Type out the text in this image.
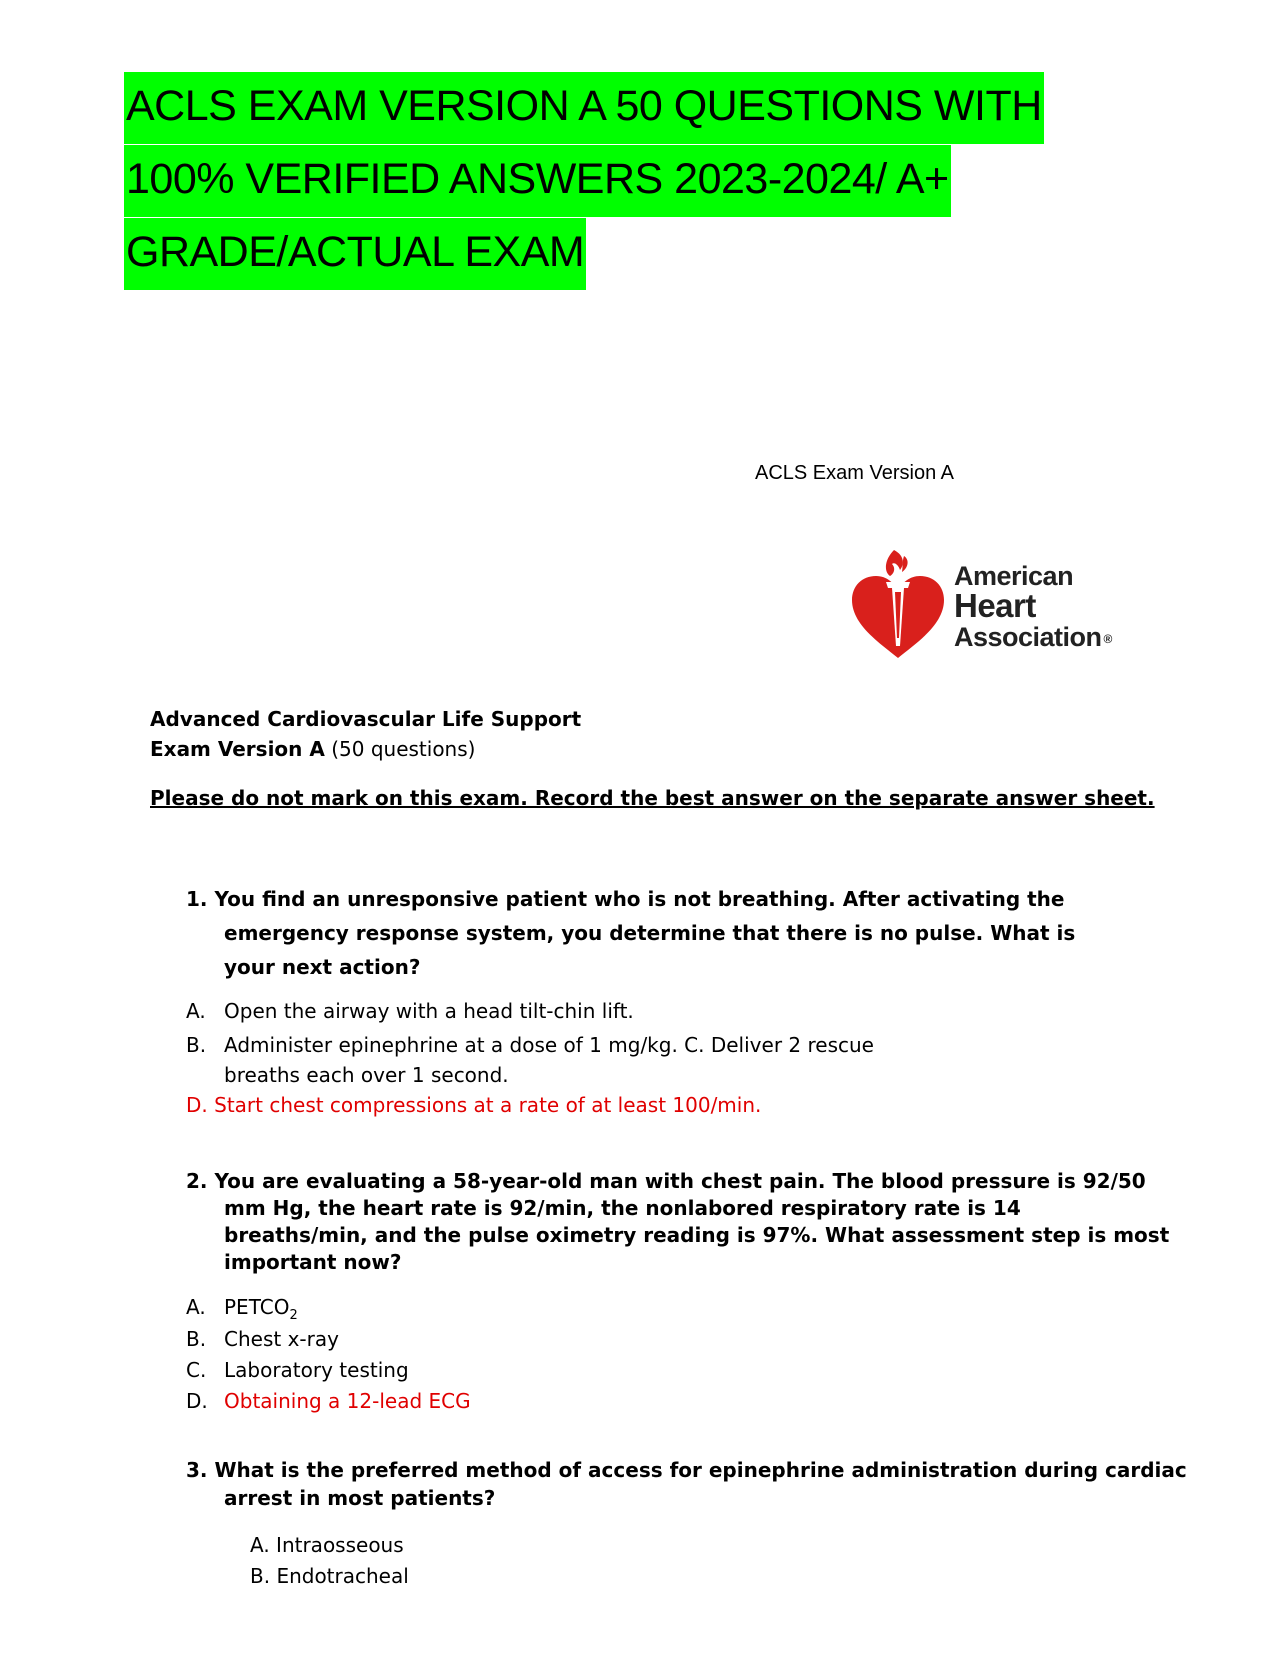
ACLS EXAM VERSION A 50 QUESTIONS WITH
100% VERIFIED ANSWERS 2023-2024/ A+
GRADE/ACTUAL EXAM
ACLS Exam Version A
American
Heart
Association ®
Advanced Cardiovascular Life Support
Exam Version A (50 questions)
Please do not mark on this exam. Record the best answer on the separate answer sheet.
1. You find an unresponsive patient who is not breathing. After activating the
emergency response system, you determine that there is no pulse. What is
your next action?
A. Open the airway with a head tilt-chin lift.
B. Administer epinephrine at a dose of 1 mg/kg. C. Deliver 2 rescue
breaths each over 1 second.
D. Start chest compressions at a rate of at least 100/min.
2. You are evaluating a 58-year-old man with chest pain. The blood pressure is 92/50
mm Hg, the heart rate is 92/min, the nonlabored respiratory rate is 14
breaths/min, and the pulse oximetry reading is 97%. What assessment step is most
important now?
A. $PETCO_2$
B. Chest x-ray
C. Laboratory testing
D. Obtaining a 12-lead ECG
3. What is the preferred method of access for epinephrine administration during cardiac
arrest in most patients?
A. Intraosseous
B. Endotracheal
